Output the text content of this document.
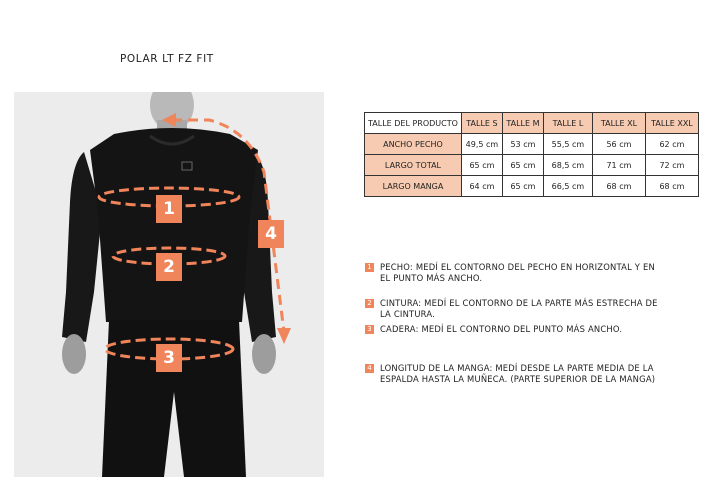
POLAR LT FZ FIT
1
2
3
4
TALLE DEL PRODUCTO	TALLE S	TALLE M	TALLE L	TALLE XL	TALLE XXL
ANCHO PECHO	49,5 cm	53 cm	55,5 cm	56 cm	62 cm
LARGO TOTAL	65 cm	65 cm	68,5 cm	71 cm	72 cm
LARGO MANGA	64 cm	65 cm	66,5 cm	68 cm	68 cm
1 PECHO: MEDÍ EL CONTORNO DEL PECHO EN HORIZONTAL Y EN EL PUNTO MÁS ANCHO.
2 CINTURA: MEDÍ EL CONTORNO DE LA PARTE MÁS ESTRECHA DE LA CINTURA.
3 CADERA: MEDÍ EL CONTORNO DEL PUNTO MÁS ANCHO.
4 LONGITUD DE LA MANGA: MEDÍ DESDE LA PARTE MEDIA DE LA ESPALDA HASTA LA MUÑECA. (PARTE SUPERIOR DE LA MANGA)
